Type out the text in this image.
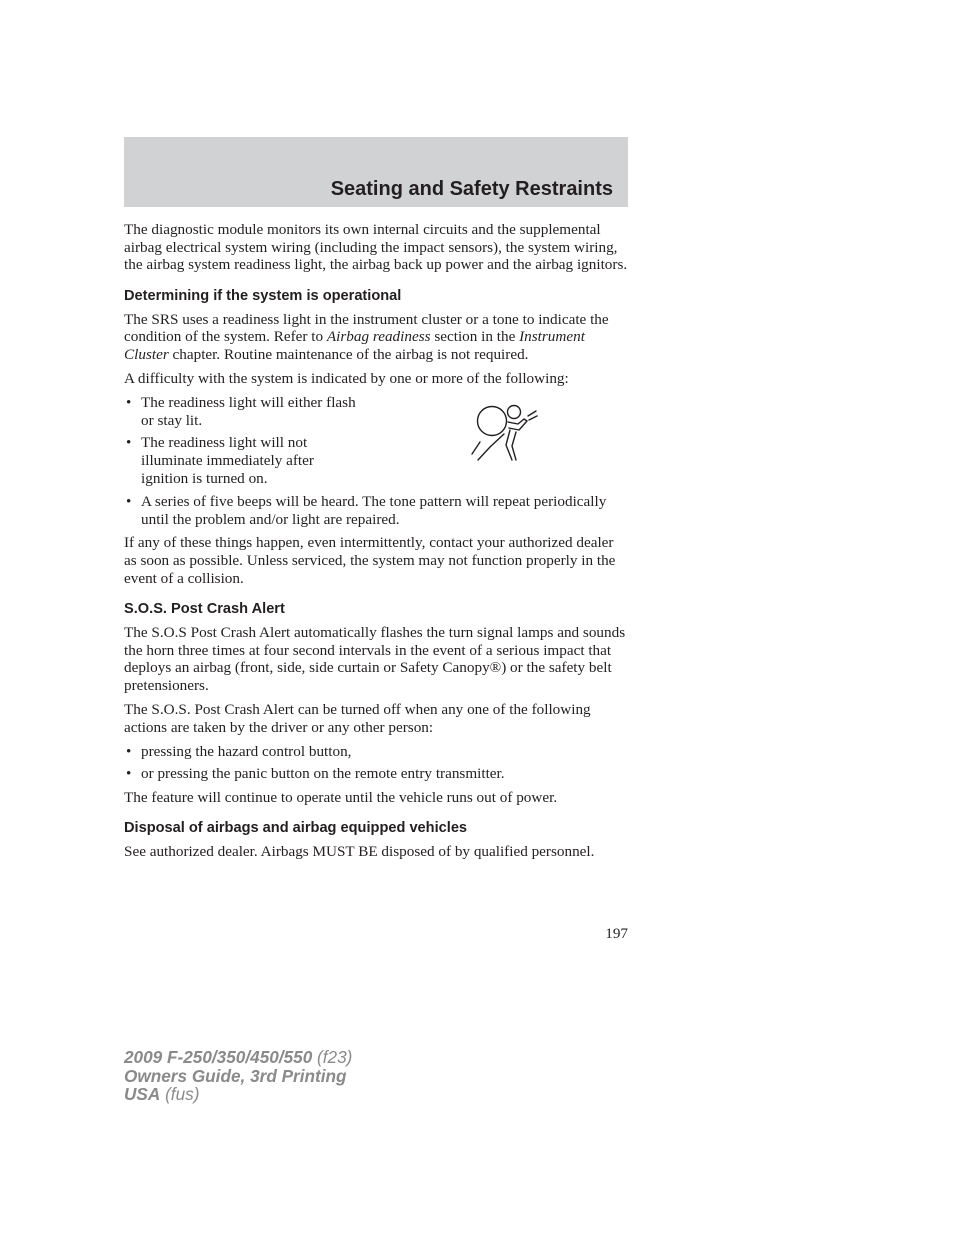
Seating and Safety Restraints

The diagnostic module monitors its own internal circuits and the supplemental airbag electrical system wiring (including the impact sensors), the system wiring, the airbag system readiness light, the airbag back up power and the airbag ignitors.

Determining if the system is operational

The SRS uses a readiness light in the instrument cluster or a tone to indicate the condition of the system. Refer to Airbag readiness section in the Instrument Cluster chapter. Routine maintenance of the airbag is not required.

A difficulty with the system is indicated by one or more of the following:

• The readiness light will either flash or stay lit.
• The readiness light will not illuminate immediately after ignition is turned on.
• A series of five beeps will be heard. The tone pattern will repeat periodically until the problem and/or light are repaired.

If any of these things happen, even intermittently, contact your authorized dealer as soon as possible. Unless serviced, the system may not function properly in the event of a collision.

S.O.S. Post Crash Alert

The S.O.S Post Crash Alert automatically flashes the turn signal lamps and sounds the horn three times at four second intervals in the event of a serious impact that deploys an airbag (front, side, side curtain or Safety Canopy®) or the safety belt pretensioners.

The S.O.S. Post Crash Alert can be turned off when any one of the following actions are taken by the driver or any other person:

• pressing the hazard control button,
• or pressing the panic button on the remote entry transmitter.

The feature will continue to operate until the vehicle runs out of power.

Disposal of airbags and airbag equipped vehicles

See authorized dealer. Airbags MUST BE disposed of by qualified personnel.

197
2009 F-250/350/450/550 (f23)
Owners Guide, 3rd Printing
USA (fus)
